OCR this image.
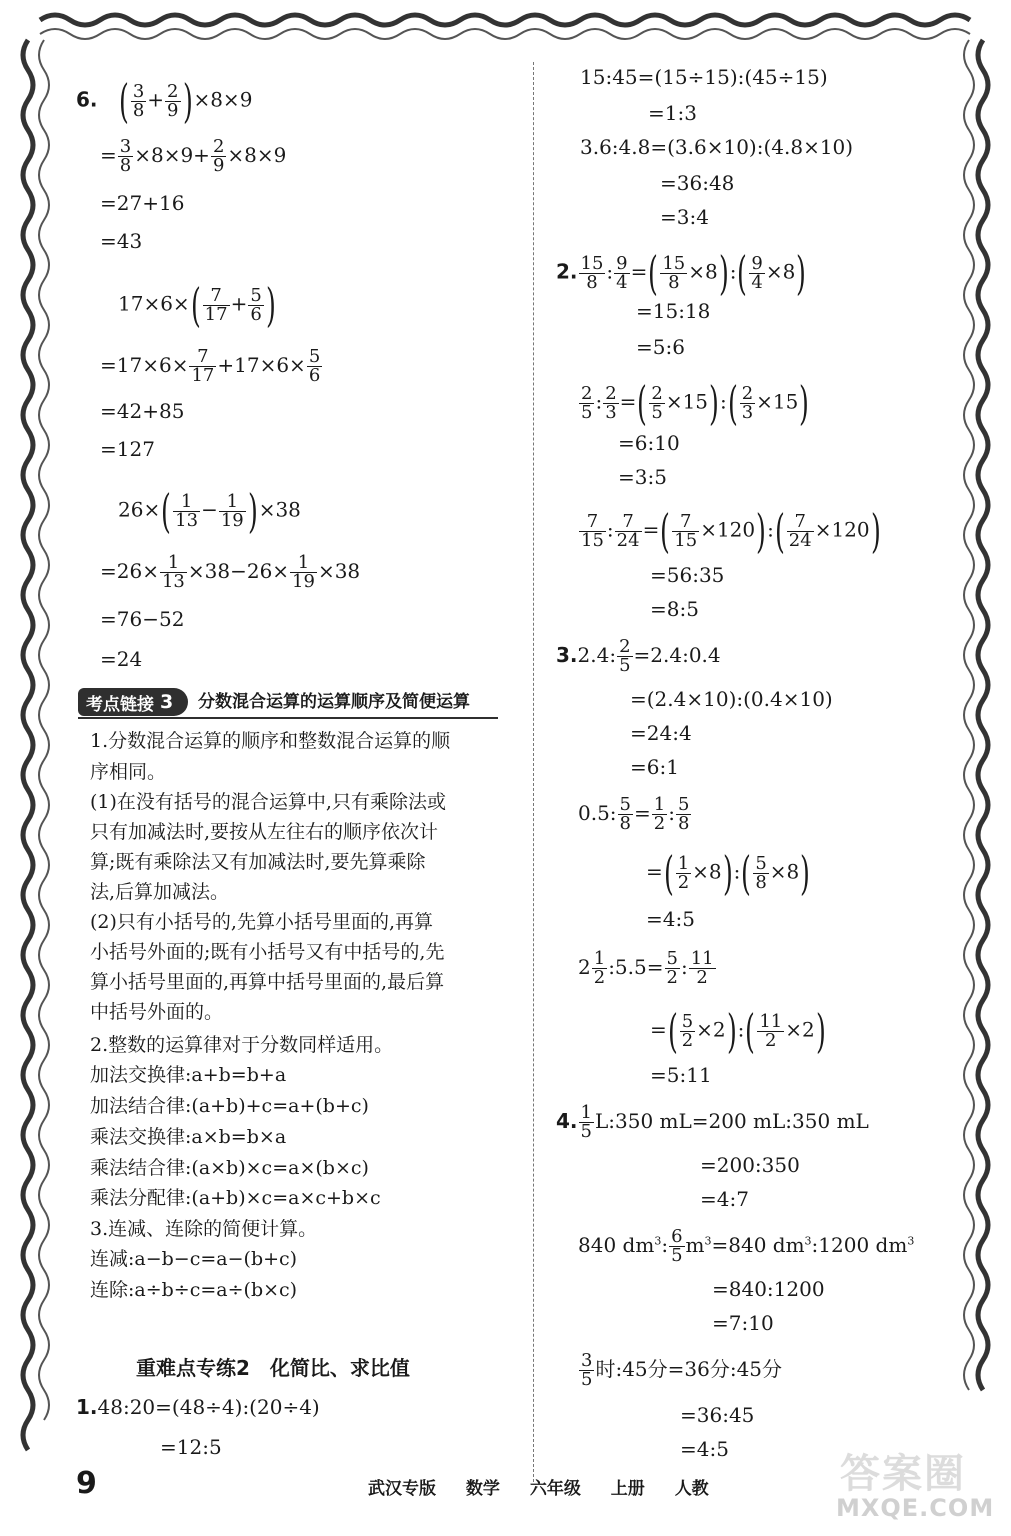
6. ( $\frac{3}{8} + \frac{2}{9} )\times 8\times 9$
= $\frac{3}{8} \times 8\times 9+ \frac{2}{9} \times 8\times 9$
=27+16
=43
$17\times 6\times( \frac{7}{17} + \frac{5}{6}$ )
$=17\times 6\times \frac{7}{17} +17\times 6\times \frac{5}{6}$
=42+85
=127
$26\times( \frac{1}{13} - \frac{1}{19} )\times 38$
$=26\times \frac{1}{13} \times 38-26\times \frac{1}{19} \times 38$
=76−52
=24
考点链接 3 分数混合运算的运算顺序及简便运算
1.分数混合运算的顺序和整数混合运算的顺
序相同。
(1)在没有括号的混合运算中,只有乘除法或
只有加减法时,要按从左往右的顺序依次计
算;既有乘除法又有加减法时,要先算乘除
法,后算加减法。
(2)只有小括号的,先算小括号里面的,再算
小括号外面的;既有小括号又有中括号的,先
算小括号里面的,再算中括号里面的,最后算
中括号外面的。
2.整数的运算律对于分数同样适用。
加法交换律:a+b=b+a
加法结合律:(a+b)+c=a+(b+c)
乘法交换律:a×b=b×a
乘法结合律:(a×b)×c=a×(b×c)
乘法分配律:(a+b)×c=a×c+b×c
3.连减、连除的简便计算。
连减:a−b−c=a−(b+c)
连除:a÷b÷c=a÷(b×c)
重难点专练2　化简比、求比值
1.48:20=(48÷4):(20÷4)
=12:5
15:45=(15÷15):(45÷15)
=1:3
3.6:4.8=(3.6×10):(4.8×10)
=36:48
=3:4
2. $\frac{15}{8}$ : $\frac{9}{4}$ =( $\frac{15}{8}$ ×8):( $\frac{9}{4} \times 8$)
=15:18
=5:6
$\frac{2}{5}$ : $\frac{2}{3}$ =( $\frac{2}{5}$ ×15):( $\frac{2}{3} \times 15$)
=6:10
=3:5
$\frac{7}{15}$ : $\frac{7}{24}$ =( $\frac{7}{15}$ ×120):( $\frac{7}{24} \times 120$)
=56:35
=8:5
3.2.4: $\frac{2}{5}$ =2.4:0.4
=(2.4×10):(0.4×10)
=24:4
=6:1
0.5: $\frac{5}{8} = \frac{1}{2}$ : $\frac{5}{8}$
=( $\frac{1}{2}$ ×8):( $\frac{5}{8} \times 8$)
=4:5
$2 \frac{1}{2}$ :5.5= $\frac{5}{2}$ : $\frac{11}{2}$
=( $\frac{5}{2}$ ×2):( $\frac{11}{2} \times 2$)
=5:11
4. $\frac{1}{5}$ L:350 mL=200 mL:350 mL
=200:350
=4:7
840 $dm^3$: $\frac{6}{5} m^3=840$ $dm^3:1200$ $dm^3$
=840:1200
=7:10
$\frac{3}{5}$ 时:45分=36分:45分
=36:45
=4:5
9	武汉专版 数学 六年级 上册 人教	答案圈
MXQE.COM
